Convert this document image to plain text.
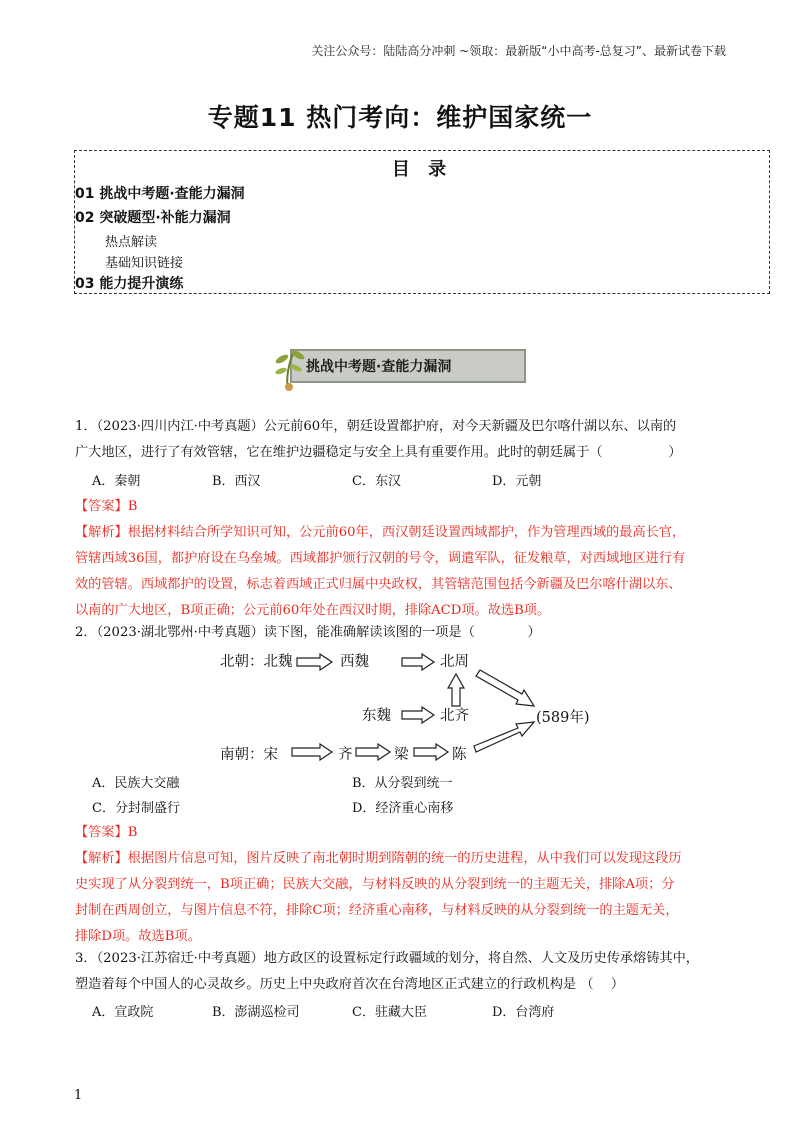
关注公众号：陆陆高分冲刺 ~领取：最新版“小中高考-总复习”、最新试卷下载
专题11 热门考向：维护国家统一
目 录
01 挑战中考题·查能力漏洞
02 突破题型·补能力漏洞
热点解读
基础知识链接
03 能力提升演练
挑战中考题·查能力漏洞
1．（2023·四川内江·中考真题）公元前60年，朝廷设置都护府，对今天新疆及巴尔喀什湖以东、以南的
广大地区，进行了有效管辖，它在维护边疆稳定与安全上具有重要作用。此时的朝廷属于（　　　　　）
A．秦朝	B．西汉	C．东汉	D．元朝
【答案】B
【解析】根据材料结合所学知识可知，公元前60年，西汉朝廷设置西域都护，作为管理西域的最高长官，
管辖西域36国，都护府设在乌垒城。西域都护颁行汉朝的号令，调遣军队，征发粮草，对西域地区进行有
效的管辖。西域都护的设置，标志着西域正式归属中央政权，其管辖范围包括今新疆及巴尔喀什湖以东、
以南的广大地区，B项正确；公元前60年处在西汉时期，排除ACD项。故选B项。
2．（2023·湖北鄂州·中考真题）读下图，能准确解读该图的一项是（　　　　）
北朝：北魏	西魏	北周
东魏	北齐	(589年)
南朝：宋	齐	梁	陈
A．民族大交融	B．从分裂到统一
C．分封制盛行	D．经济重心南移
【答案】B
【解析】根据图片信息可知，图片反映了南北朝时期到隋朝的统一的历史进程，从中我们可以发现这段历
史实现了从分裂到统一，B项正确；民族大交融，与材料反映的从分裂到统一的主题无关，排除A项；分
封制在西周创立，与图片信息不符，排除C项；经济重心南移，与材料反映的从分裂到统一的主题无关，
排除D项。故选B项。
3．（2023·江苏宿迁·中考真题）地方政区的设置标定行政疆域的划分，将自然、人文及历史传承熔铸其中，
塑造着每个中国人的心灵故乡。历史上中央政府首次在台湾地区正式建立的行政机构是 （　 ）
A．宣政院	B．澎湖巡检司	C．驻藏大臣	D．台湾府
1
